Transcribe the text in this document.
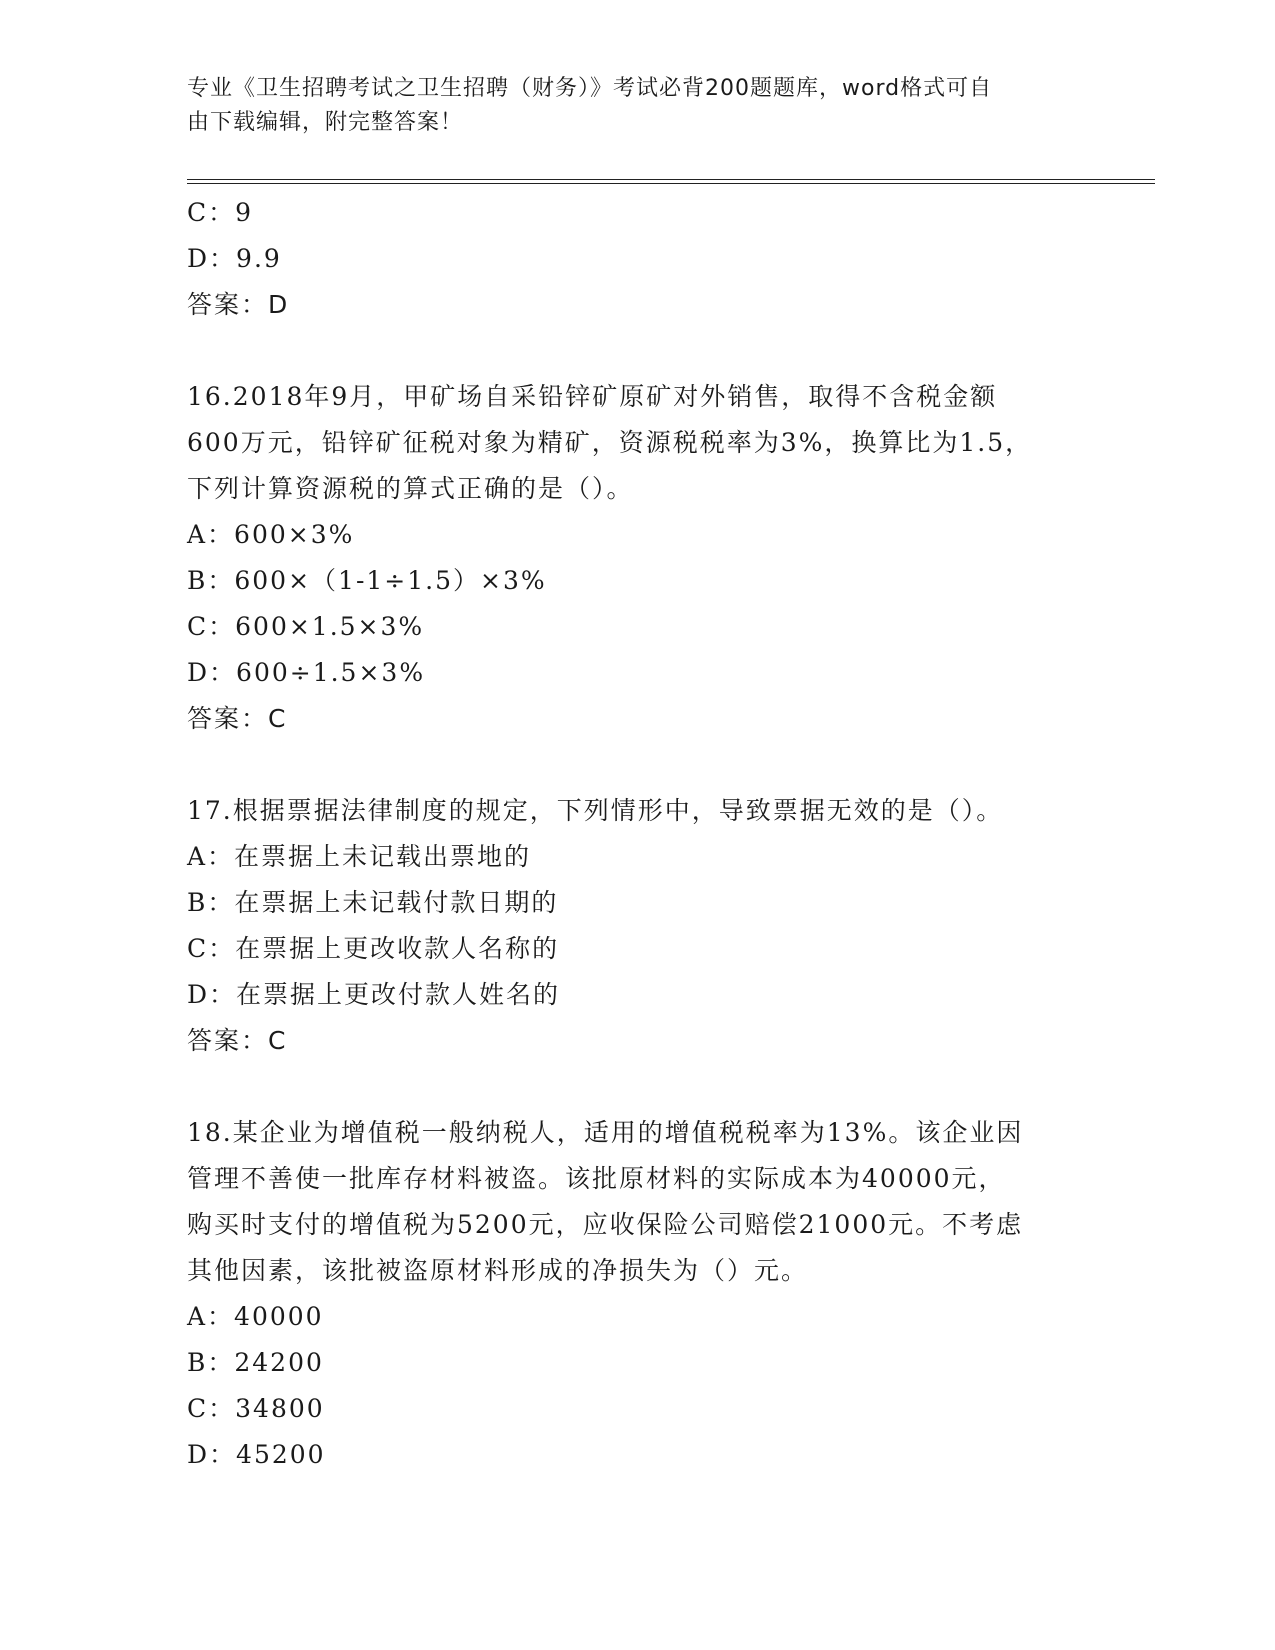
专业《卫生招聘考试之卫生招聘（财务）》考试必背200题题库，word格式可自
由下载编辑，附完整答案！
C：9
D：9.9
答案：D
16.2018年9月，甲矿场自采铅锌矿原矿对外销售，取得不含税金额
600万元，铅锌矿征税对象为精矿，资源税税率为3%，换算比为1.5，
下列计算资源税的算式正确的是（）。
A：600×3%
B：600×（1-1÷1.5）×3%
C：600×1.5×3%
D：600÷1.5×3%
答案：C
17.根据票据法律制度的规定，下列情形中，导致票据无效的是（）。
A：在票据上未记载出票地的
B：在票据上未记载付款日期的
C：在票据上更改收款人名称的
D：在票据上更改付款人姓名的
答案：C
18.某企业为增值税一般纳税人，适用的增值税税率为13%。该企业因
管理不善使一批库存材料被盗。该批原材料的实际成本为40000元，
购买时支付的增值税为5200元，应收保险公司赔偿21000元。不考虑
其他因素，该批被盗原材料形成的净损失为（）元。
A：40000
B：24200
C：34800
D：45200
